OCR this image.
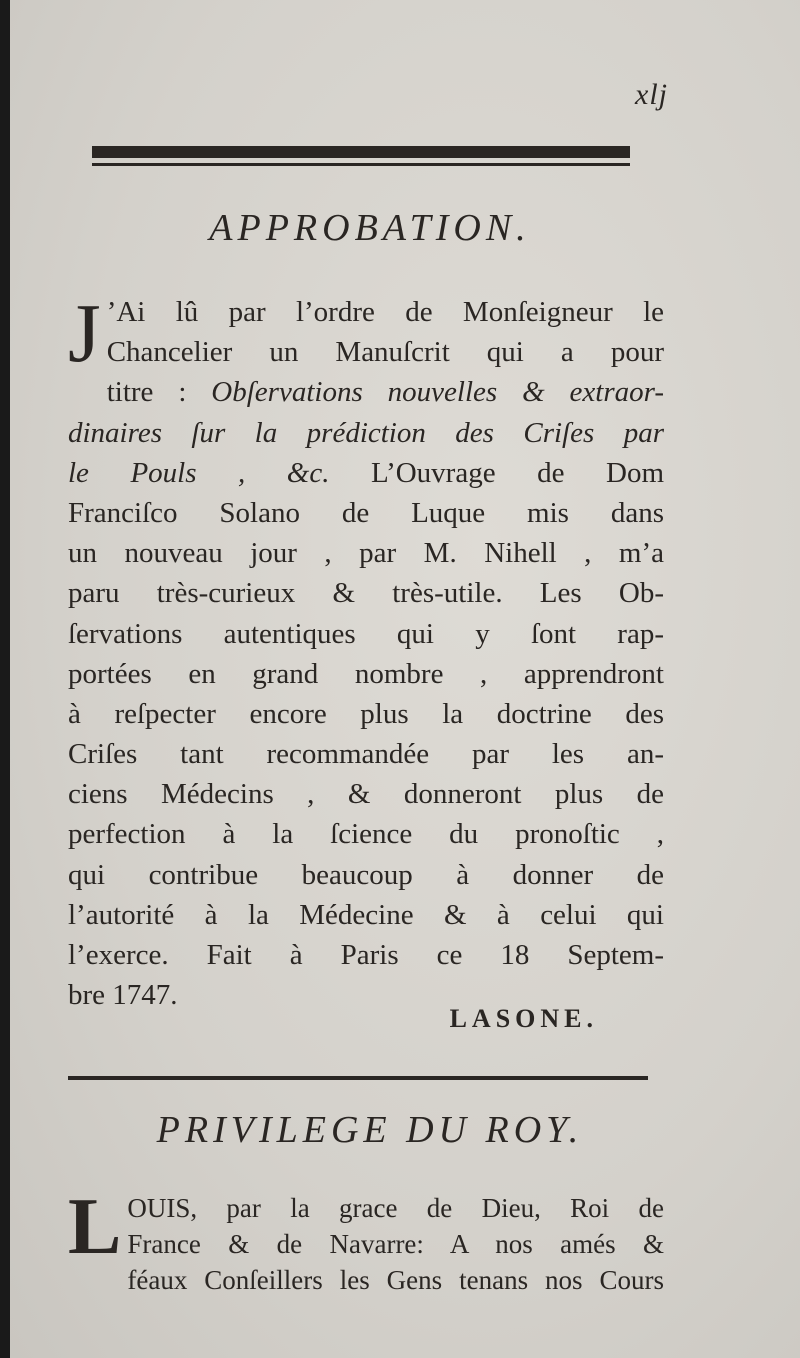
xlj
APPROBATION.
J ’Ai lû par l’ordre de Monſeigneur le
Chancelier un Manuſcrit qui a pour
titre : Obſervations nouvelles & extraor-
dinaires ſur la prédiction des Criſes par
le Pouls , &c. L’Ouvrage de Dom
Franciſco Solano de Luque mis dans
un nouveau jour , par M. Nihell , m’a
paru très-curieux & très-utile. Les Ob-
ſervations autentiques qui y ſont rap-
portées en grand nombre , apprendront
à reſpecter encore plus la doctrine des
Criſes tant recommandée par les an-
ciens Médecins , & donneront plus de
perfection à la ſcience du pronoſtic ,
qui contribue beaucoup à donner de
l’autorité à la Médecine & à celui qui
l’exerce. Fait à Paris ce 18 Septem-
bre 1747.
LASONE.
PRIVILEGE DU ROY.
L OUIS, par la grace de Dieu, Roi de
France & de Navarre: A nos amés &
féaux Conſeillers les Gens tenans nos Cours
